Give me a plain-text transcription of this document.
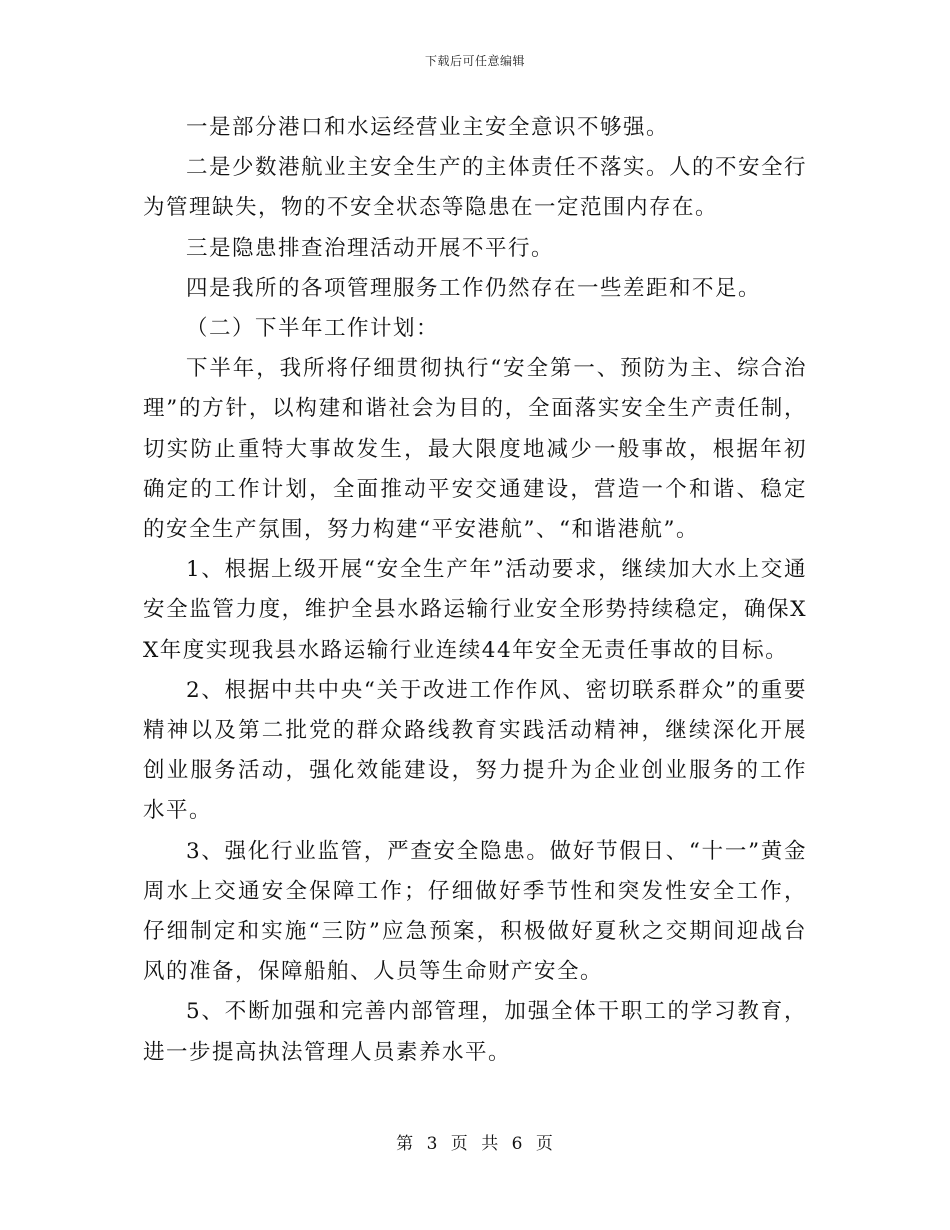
下载后可任意编辑

一是部分港口和水运经营业主安全意识不够强。

二是少数港航业主安全生产的主体责任不落实。人的不安全行为管理缺失，物的不安全状态等隐患在一定范围内存在。

三是隐患排查治理活动开展不平行。

四是我所的各项管理服务工作仍然存在一些差距和不足。

（二）下半年工作计划：

下半年，我所将仔细贯彻执行“安全第一、预防为主、综合治理”的方针，以构建和谐社会为目的，全面落实安全生产责任制，切实防止重特大事故发生，最大限度地减少一般事故，根据年初确定的工作计划，全面推动平安交通建设，营造一个和谐、稳定的安全生产氛围，努力构建“平安港航”、“和谐港航”。

1、根据上级开展“安全生产年”活动要求，继续加大水上交通安全监管力度，维护全县水路运输行业安全形势持续稳定，确保XX年度实现我县水路运输行业连续44年安全无责任事故的目标。

2、根据中共中央“关于改进工作作风、密切联系群众”的重要精神以及第二批党的群众路线教育实践活动精神，继续深化开展创业服务活动，强化效能建设，努力提升为企业创业服务的工作水平。

3、强化行业监管，严查安全隐患。做好节假日、“十一”黄金周水上交通安全保障工作；仔细做好季节性和突发性安全工作，仔细制定和实施“三防”应急预案，积极做好夏秋之交期间迎战台风的准备，保障船舶、人员等生命财产安全。

5、不断加强和完善内部管理，加强全体干职工的学习教育，进一步提高执法管理人员素养水平。

第 3 页 共 6 页
